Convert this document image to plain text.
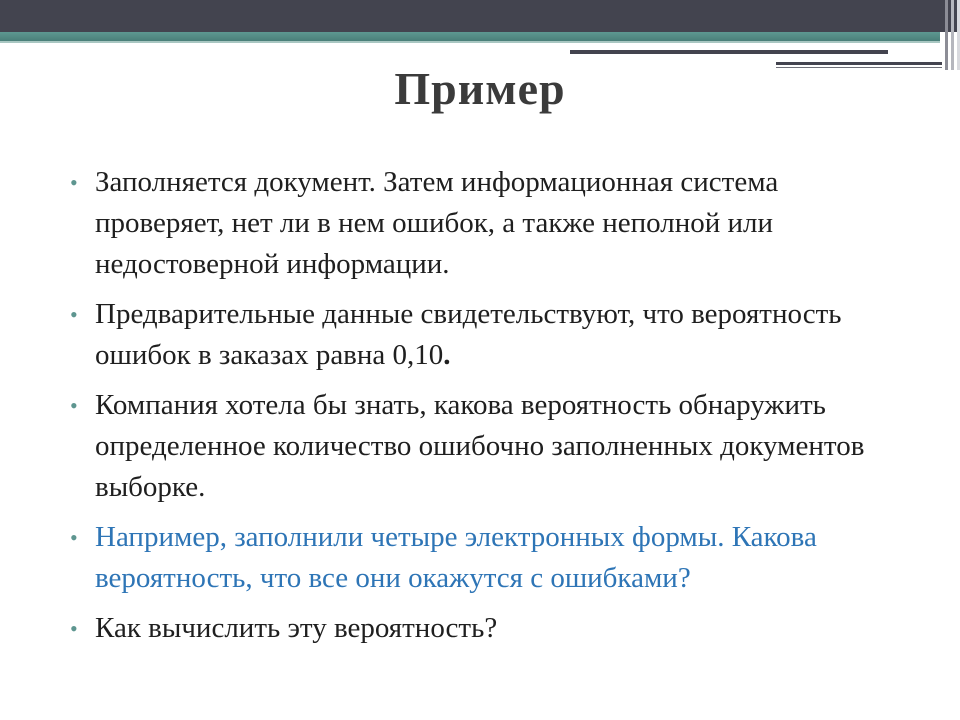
Пример
• Заполняется документ. Затем информационная система проверяет, нет ли в нем ошибок, а также неполной или недостоверной информации.
• Предварительные данные свидетельствуют, что вероятность ошибок в заказах равна 0,10.
• Компания хотела бы знать, какова вероятность обнаружить определенное количество ошибочно заполненных документов выборке.
• Например, заполнили четыре электронных формы. Какова вероятность, что все они окажутся с ошибками?
• Как вычислить эту вероятность?
